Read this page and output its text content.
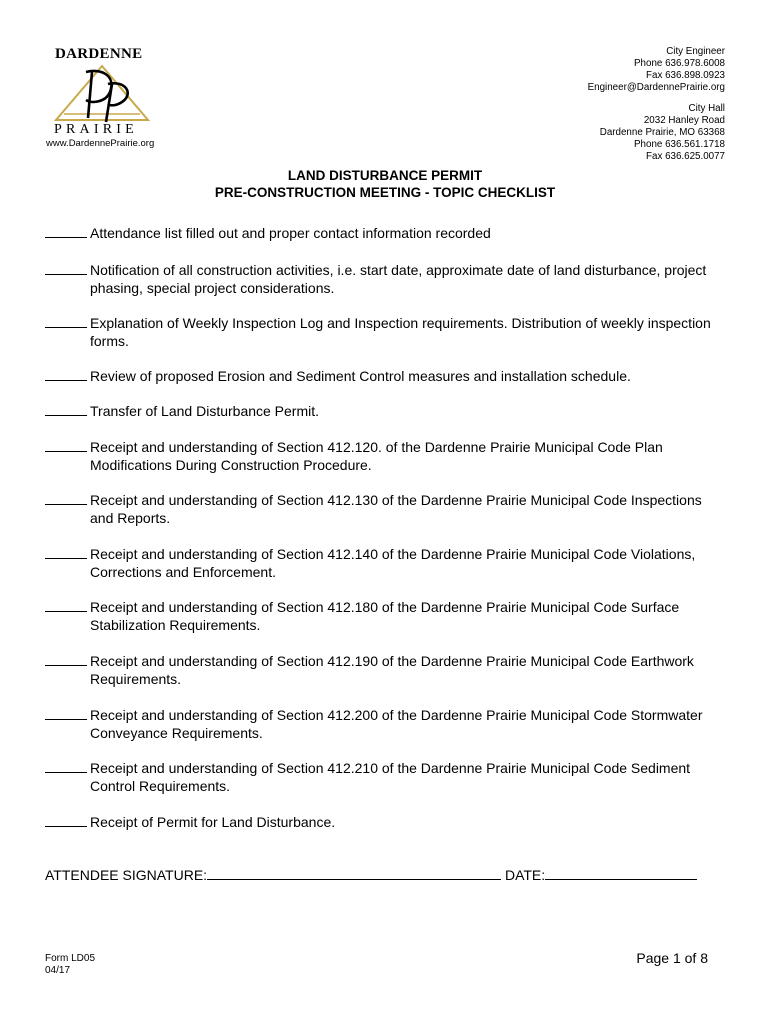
DARDENNE
PRAIRIE
www.DardennePrairie.org
City Engineer
Phone 636.978.6008
Fax 636.898.0923
Engineer@DardennePrairie.org
City Hall
2032 Hanley Road
Dardenne Prairie, MO 63368
Phone 636.561.1718
Fax 636.625.0077
LAND DISTURBANCE PERMIT
PRE-CONSTRUCTION MEETING - TOPIC CHECKLIST
Attendance list filled out and proper contact information recorded
Notification of all construction activities, i.e. start date, approximate date of land disturbance, project phasing, special project considerations.
Explanation of Weekly Inspection Log and Inspection requirements. Distribution of weekly inspection forms.
Review of proposed Erosion and Sediment Control measures and installation schedule.
Transfer of Land Disturbance Permit.
Receipt and understanding of Section 412.120. of the Dardenne Prairie Municipal Code Plan Modifications During Construction Procedure.
Receipt and understanding of Section 412.130 of the Dardenne Prairie Municipal Code Inspections and Reports.
Receipt and understanding of Section 412.140 of the Dardenne Prairie Municipal Code Violations, Corrections and Enforcement.
Receipt and understanding of Section 412.180 of the Dardenne Prairie Municipal Code Surface Stabilization Requirements.
Receipt and understanding of Section 412.190 of the Dardenne Prairie Municipal Code Earthwork Requirements.
Receipt and understanding of Section 412.200 of the Dardenne Prairie Municipal Code Stormwater Conveyance Requirements.
Receipt and understanding of Section 412.210 of the Dardenne Prairie Municipal Code Sediment Control Requirements.
Receipt of Permit for Land Disturbance.
ATTENDEE SIGNATURE:	DATE:
Form LD05
04/17
Page 1 of 8
